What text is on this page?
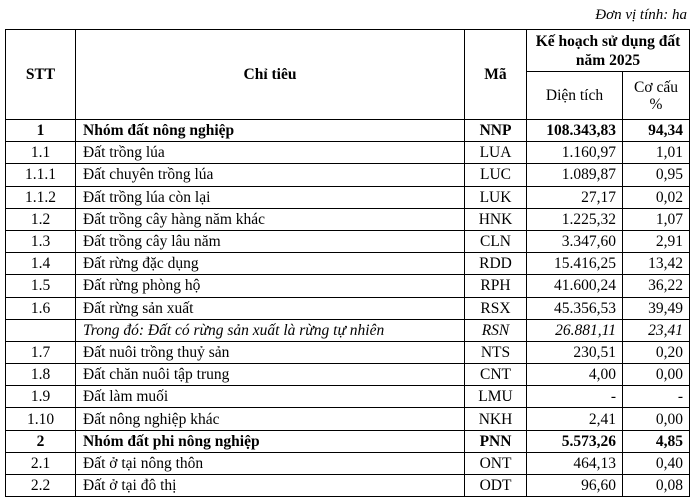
Đơn vị tính: ha
STT	Chỉ tiêu	Mã	Kế hoạch sử dụng đất năm 2025	
			Diện tích	Cơ cấu %
1	Nhóm đất nông nghiệp	NNP	108.343,83	94,34
1.1	Đất trồng lúa	LUA	1.160,97	1,01
1.1.1	Đất chuyên trồng lúa	LUC	1.089,87	0,95
1.1.2	Đất trồng lúa còn lại	LUK	27,17	0,02
1.2	Đất trồng cây hàng năm khác	HNK	1.225,32	1,07
1.3	Đất trồng cây lâu năm	CLN	3.347,60	2,91
1.4	Đất rừng đặc dụng	RDD	15.416,25	13,42
1.5	Đất rừng phòng hộ	RPH	41.600,24	36,22
1.6	Đất rừng sản xuất	RSX	45.356,53	39,49
	Trong đó: Đất có rừng sản xuất là rừng tự nhiên	RSN	26.881,11	23,41
1.7	Đất nuôi trồng thuỷ sản	NTS	230,51	0,20
1.8	Đất chăn nuôi tập trung	CNT	4,00	0,00
1.9	Đất làm muối	LMU	-	-
1.10	Đất nông nghiệp khác	NKH	2,41	0,00
2	Nhóm đất phi nông nghiệp	PNN	5.573,26	4,85
2.1	Đất ở tại nông thôn	ONT	464,13	0,40
2.2	Đất ở tại đô thị	ODT	96,60	0,08
